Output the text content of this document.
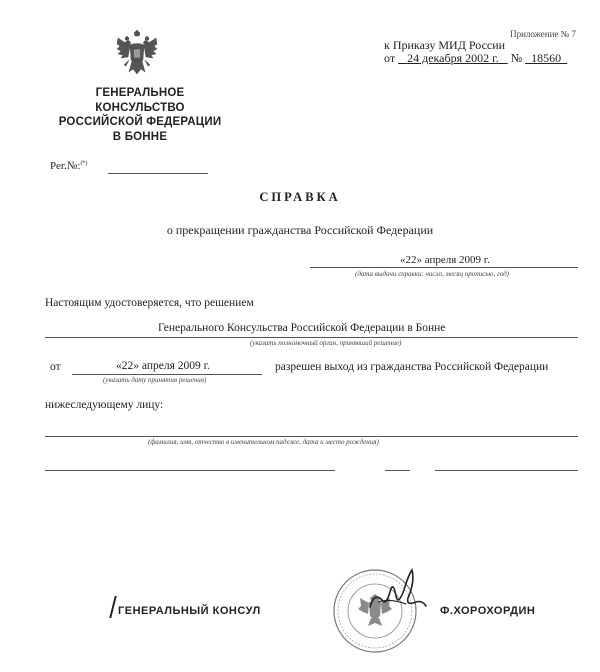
Приложение № 7
к Приказу МИД России
от 24 декабря 2002 г. № 18560
ГЕНЕРАЛЬНОЕ
КОНСУЛЬСТВО
РОССИЙСКОЙ ФЕДЕРАЦИИ
В БОННЕ
Рег.№:(*)
СПРАВКА
о прекращении гражданства Российской Федерации
«22» апреля 2009 г.
(дата выдачи справки: число, месяц прописью, год)
Настоящим удостоверяется, что решением
Генерального Консульства Российской Федерации в Бонне
(указать полномочный орган, принявший решение)
от	«22» апреля 2009 г.
(указать дату принятия решения)
разрешен выход из гражданства Российской Федерации
нижеследующему лицу:
(фамилия, имя, отчество в именительном падеже, дата и место рождения)
ГЕНЕРАЛЬНЫЙ КОНСУЛ	Ф.ХОРОХОРДИН
